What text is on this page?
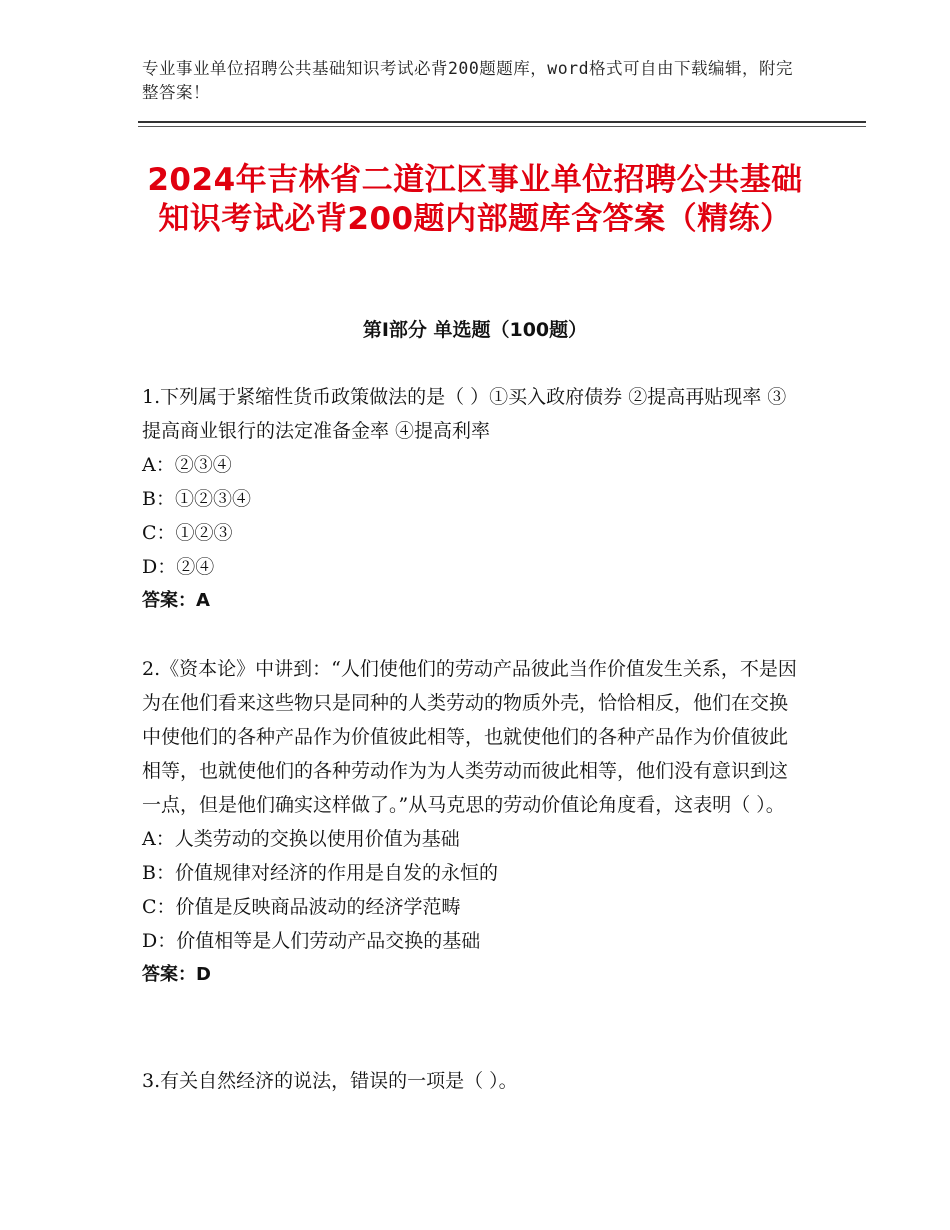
专业事业单位招聘公共基础知识考试必背200题题库，word格式可自由下载编辑，附完整答案！
2024年吉林省二道江区事业单位招聘公共基础知识考试必背200题内部题库含答案（精练）
第Ⅰ部分 单选题（100题）

1.下列属于紧缩性货币政策做法的是（ ）①买入政府债券 ②提高再贴现率 ③提高商业银行的法定准备金率 ④提高利率

A：②③④

B：①②③④

C：①②③

D：②④

答案：A

2.《资本论》中讲到：“人们使他们的劳动产品彼此当作价值发生关系，不是因为在他们看来这些物只是同种的人类劳动的物质外壳，恰恰相反，他们在交换中使他们的各种产品作为价值彼此相等，也就使他们的各种产品作为价值彼此相等，也就使他们的各种劳动作为为人类劳动而彼此相等，他们没有意识到这一点，但是他们确实这样做了。”从马克思的劳动价值论角度看，这表明（ ）。

A：人类劳动的交换以使用价值为基础

B：价值规律对经济的作用是自发的永恒的

C：价值是反映商品波动的经济学范畴

D：价值相等是人们劳动产品交换的基础

答案：D

3.有关自然经济的说法，错误的一项是（ ）。
